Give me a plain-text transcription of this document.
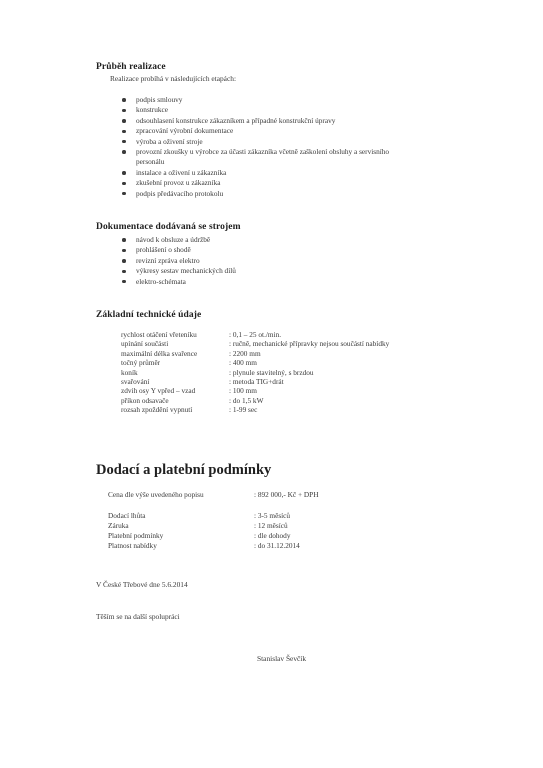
Průběh realizace
Realizace probíhá v následujících etapách:
podpis smlouvy
konstrukce
odsouhlasení konstrukce zákazníkem a případné konstrukční úpravy
zpracování výrobní dokumentace
výroba a oživení stroje
provozní zkoušky u výrobce za účasti zákazníka včetně zaškolení obsluhy a servisního
personálu
instalace a oživení u zákazníka
zkušební provoz u zákazníka
podpis předávacího protokolu
Dokumentace dodávaná se strojem
návod k obsluze a údržbě
prohlášení o shodě
revizní zpráva elektro
výkresy sestav mechanických dílů
elektro-schémata
Základní technické údaje
rychlost otáčení vřeteníku	: 0,1 – 25 ot./min.
upínání součásti	: ručně, mechanické přípravky nejsou součástí nabídky
maximální délka svařence	: 2200 mm
točný průměr	: 400 mm
koník	: plynule stavitelný, s brzdou
svařování	: metoda TIG+drát
zdvih osy Y vpřed – vzad	: 100 mm
příkon odsavače	: do 1,5 kW
rozsah zpoždění vypnutí	: 1-99 sec
Dodací a platební podmínky
Cena dle výše uvedeného popisu	: 892 000,- Kč + DPH
Dodací lhůta	: 3-5 měsíců
Záruka	: 12 měsíců
Platební podmínky	: dle dohody
Platnost nabídky	: do 31.12.2014
V České Třebové dne 5.6.2014
Těším se na další spolupráci
Stanislav Ševčík
